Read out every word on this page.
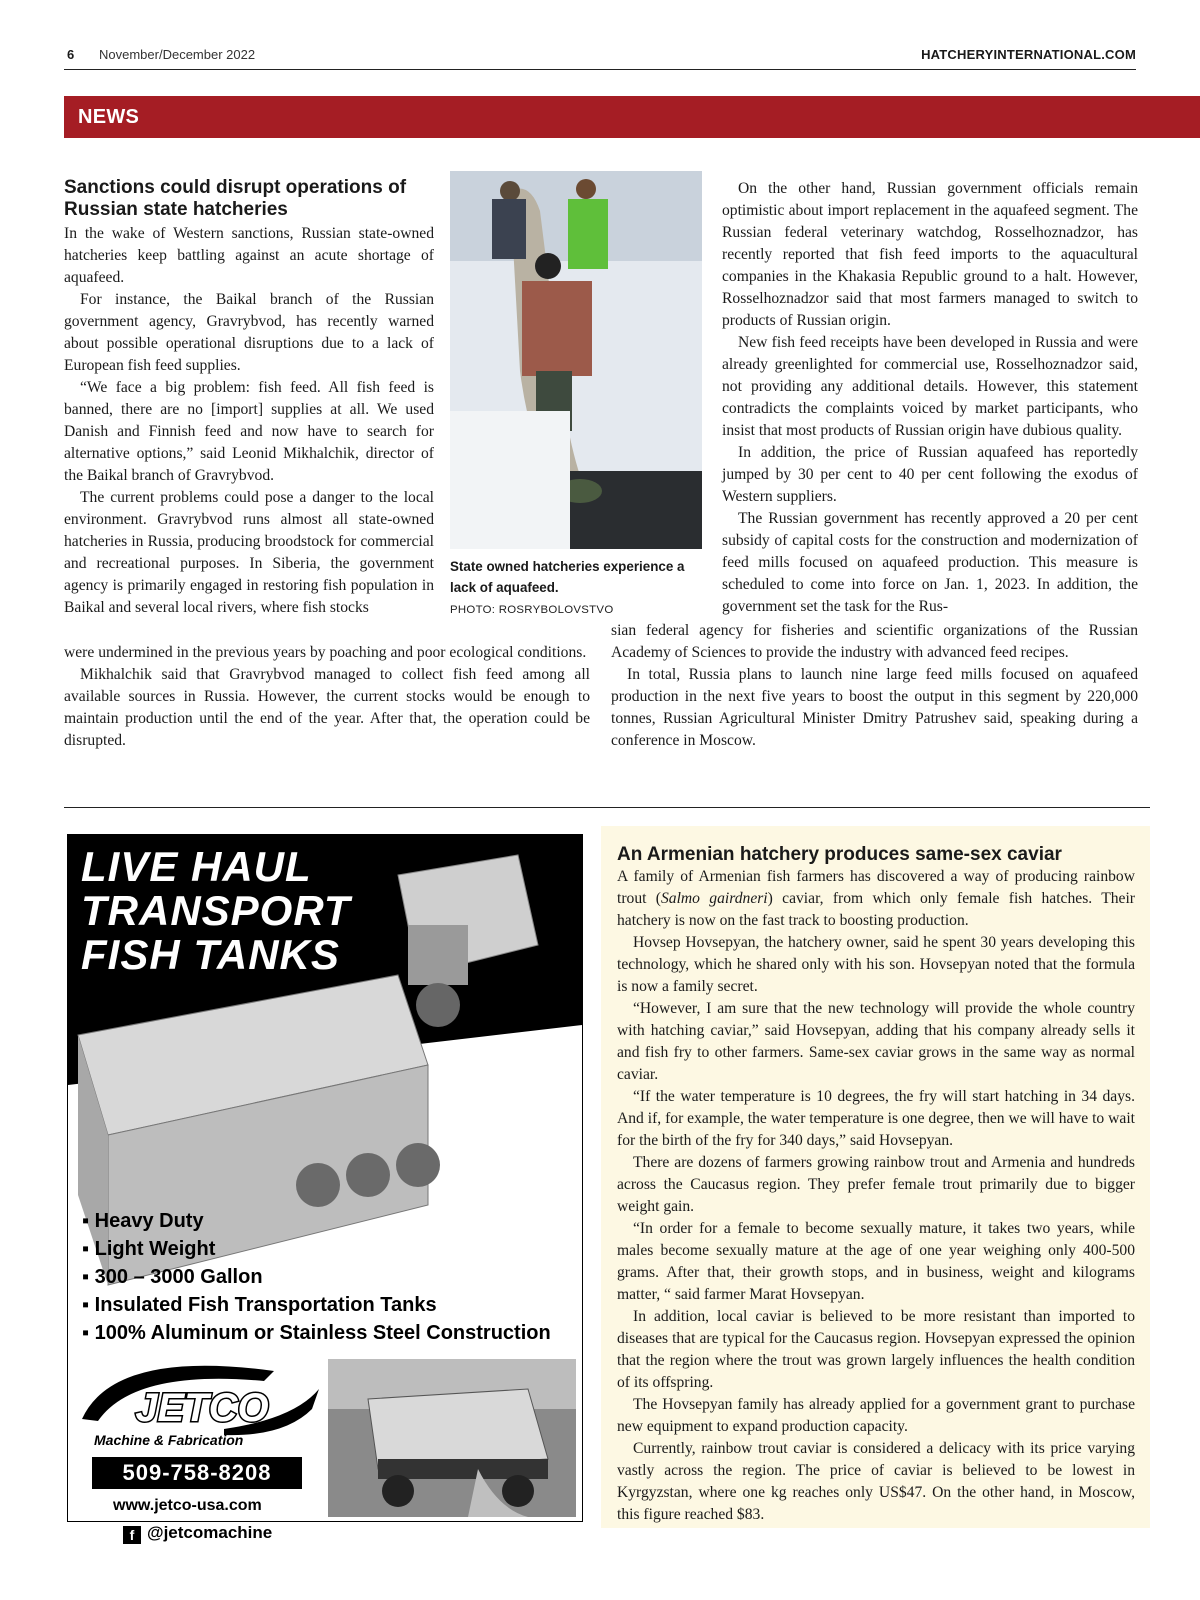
6 November/December 2022	HATCHERYINTERNATIONAL.COM
NEWS
Sanctions could disrupt operations of Russian state hatcheries

In the wake of Western sanctions, Russian state-owned hatcheries keep battling against an acute shortage of aquafeed.

For instance, the Baikal branch of the Russian government agency, Gravrybvod, has recently warned about possible operational disruptions due to a lack of European fish feed supplies.

“We face a big problem: fish feed. All fish feed is banned, there are no [import] supplies at all. We used Danish and Finnish feed and now have to search for alternative options,” said Leonid Mikhalchik, director of the Baikal branch of Gravrybvod.

The current problems could pose a danger to the local environment. Gravrybvod runs almost all state-owned hatcheries in Russia, producing broodstock for commercial and recreational purposes. In Siberia, the government agency is primarily engaged in restoring fish population in Baikal and several local rivers, where fish stocks

were undermined in the previous years by poaching and poor ecological conditions.

Mikhalchik said that Gravrybvod managed to collect fish feed among all available sources in Russia. However, the current stocks would be enough to maintain production until the end of the year. After that, the operation could be disrupted.

State owned hatcheries experience a lack of aquafeed.
PHOTO: ROSRYBOLOVSTVO

On the other hand, Russian government officials remain optimistic about import replacement in the aquafeed segment. The Russian federal veterinary watchdog, Rosselhoznadzor, has recently reported that fish feed imports to the aquacultural companies in the Khakasia Republic ground to a halt. However, Rosselhoznadzor said that most farmers managed to switch to products of Russian origin.

New fish feed receipts have been developed in Russia and were already greenlighted for commercial use, Rosselhoznadzor said, not providing any additional details. However, this statement contradicts the complaints voiced by market participants, who insist that most products of Russian origin have dubious quality.

In addition, the price of Russian aquafeed has reportedly jumped by 30 per cent to 40 per cent following the exodus of Western suppliers.

The Russian government has recently approved a 20 per cent subsidy of capital costs for the construction and modernization of feed mills focused on aquafeed production. This measure is scheduled to come into force on Jan. 1, 2023. In addition, the government set the task for the Rus-

sian federal agency for fisheries and scientific organizations of the Russian Academy of Sciences to provide the industry with advanced feed recipes.

In total, Russia plans to launch nine large feed mills focused on aquafeed production in the next five years to boost the output in this segment by 220,000 tonnes, Russian Agricultural Minister Dmitry Patrushev said, speaking during a conference in Moscow.

LIVE HAUL
TRANSPORT
FISH TANKS
▪ Heavy Duty
▪ Light Weight
▪ 300 – 3000 Gallon
▪ Insulated Fish Transportation Tanks
▪ 100% Aluminum or Stainless Steel Construction
JETCO
Machine & Fabrication
509-758-8208
www.jetco-usa.com
f @jetcomachine
An Armenian hatchery produces same-sex caviar

A family of Armenian fish farmers has discovered a way of producing rainbow trout (Salmo gairdneri) caviar, from which only female fish hatches. Their hatchery is now on the fast track to boosting production.

Hovsep Hovsepyan, the hatchery owner, said he spent 30 years developing this technology, which he shared only with his son. Hovsepyan noted that the formula is now a family secret.

“However, I am sure that the new technology will provide the whole country with hatching caviar,” said Hovsepyan, adding that his company already sells it and fish fry to other farmers. Same-sex caviar grows in the same way as normal caviar.

“If the water temperature is 10 degrees, the fry will start hatching in 34 days. And if, for example, the water temperature is one degree, then we will have to wait for the birth of the fry for 340 days,” said Hovsepyan.

There are dozens of farmers growing rainbow trout and Armenia and hundreds across the Caucasus region. They prefer female trout primarily due to bigger weight gain.

“In order for a female to become sexually mature, it takes two years, while males become sexually mature at the age of one year weighing only 400-500 grams. After that, their growth stops, and in business, weight and kilograms matter, “ said farmer Marat Hovsepyan.

In addition, local caviar is believed to be more resistant than imported to diseases that are typical for the Caucasus region. Hovsepyan expressed the opinion that the region where the trout was grown largely influences the health condition of its offspring.

The Hovsepyan family has already applied for a government grant to purchase new equipment to expand production capacity.

Currently, rainbow trout caviar is considered a delicacy with its price varying vastly across the region. The price of caviar is believed to be lowest in Kyrgyzstan, where one kg reaches only US$47. On the other hand, in Moscow, this figure reached $83.
